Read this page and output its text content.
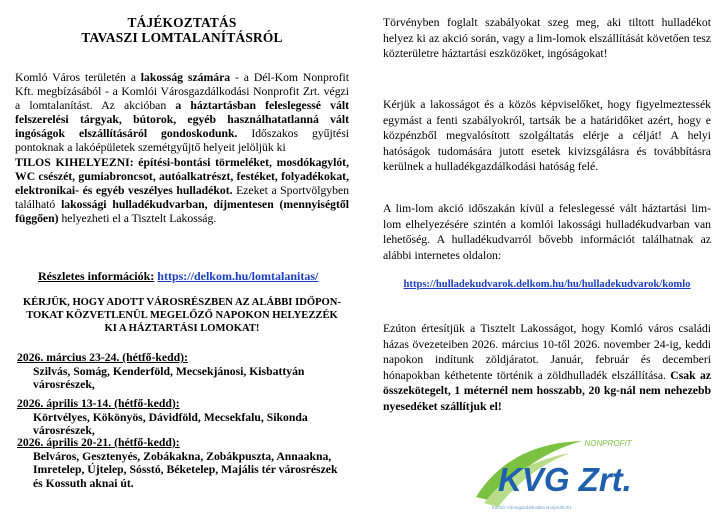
TÁJÉKOZTATÁS
TAVASZI LOMTALANÍTÁSRÓL
Komló Város területén a lakosság számára - a Dél-Kom Nonprofit Kft. megbízásából - a Komlói Városgazdálkodási Nonprofit Zrt. végzi a lomtalanítást. Az akcióban a háztartásban feleslegessé vált felszerelési tárgyak, bútorok, egyéb használhatatlanná vált ingóságok elszállításáról gondoskodunk. Időszakos gyűjtési pontoknak a lakóépületek szemétgyűjtő helyeit jelöljük ki
TILOS KIHELYEZNI: építési-bontási törmeléket, mosdókagylót, WC csészét, gumiabroncsot, autóalkatrészt, festéket, folyadékokat, elektronikai- és egyéb veszélyes hulladékot. Ezeket a Sportvölgyben található lakossági hulladékudvarban, díjmentesen (mennyiségtől függően) helyezheti el a Tisztelt Lakosság.
Részletes információk: https://delkom.hu/lomtalanitas/
KÉRJÜK, HOGY ADOTT VÁROSRÉSZBEN AZ ALÁBBI IDŐPON-
TOKAT KÖZVETLENÜL MEGELŐZŐ NAPOKON HELYEZZÉK
KI A HÁZTARTÁSI LOMOKAT!
2026. március 23-24. (hétfő-kedd):
Szilvás, Somág, Kenderföld, Mecsekjánosi, Kisbattyán városrészek,
2026. április 13-14. (hétfő-kedd):
Körtvélyes, Kökönyös, Dávidföld, Mecsekfalu, Sikonda városrészek,
2026. április 20-21. (hétfő-kedd):
Belváros, Gesztenyés, Zobákakna, Zobákpuszta, Annaakna, Imretelep, Újtelep, Sósstó, Béketelep, Majális tér városrészek és Kossuth aknai út.
Törvényben foglalt szabályokat szeg meg, aki tiltott hulladékot helyez ki az akció során, vagy a lim-lomok elszállítását követően tesz közterületre háztartási eszközöket, ingóságokat!
Kérjük a lakosságot és a közös képviselőket, hogy figyelmeztessék egymást a fenti szabályokról, tartsák be a határidőket azért, hogy e közpénzből megvalósított szolgáltatás elérje a célját! A helyi hatóságok tudomására jutott esetek kivizsgálásra és továbbításra kerülnek a hulladékgazdálkodási hatóság felé.
A lim-lom akció időszakán kívül a feleslegessé vált háztartási lim-lom elhelyezésére szintén a komlói lakossági hulladékudvarban van lehetőség. A hulladékudvarról bővebb információt találhatnak az alábbi internetes oldalon:
https://hulladekudvarok.delkom.hu/hu/hulladekudvarok/komlo
Ezúton értesítjük a Tisztelt Lakosságot, hogy Komló város családi házas övezeteiben 2026. március 10-től 2026. november 24-ig, keddi napokon indítunk zöldjáratot. Január, február és decemberi hónapokban kéthetente történik a zöldhulladék elszállítása. Csak az összekötegelt, 1 méternél nem hosszabb, 20 kg-nál nem nehezebb nyesedéket szállítjuk el!
NONPROFIT
KVG Zrt.
Komlói Városgazdálkodási Nonprofit Zrt.
